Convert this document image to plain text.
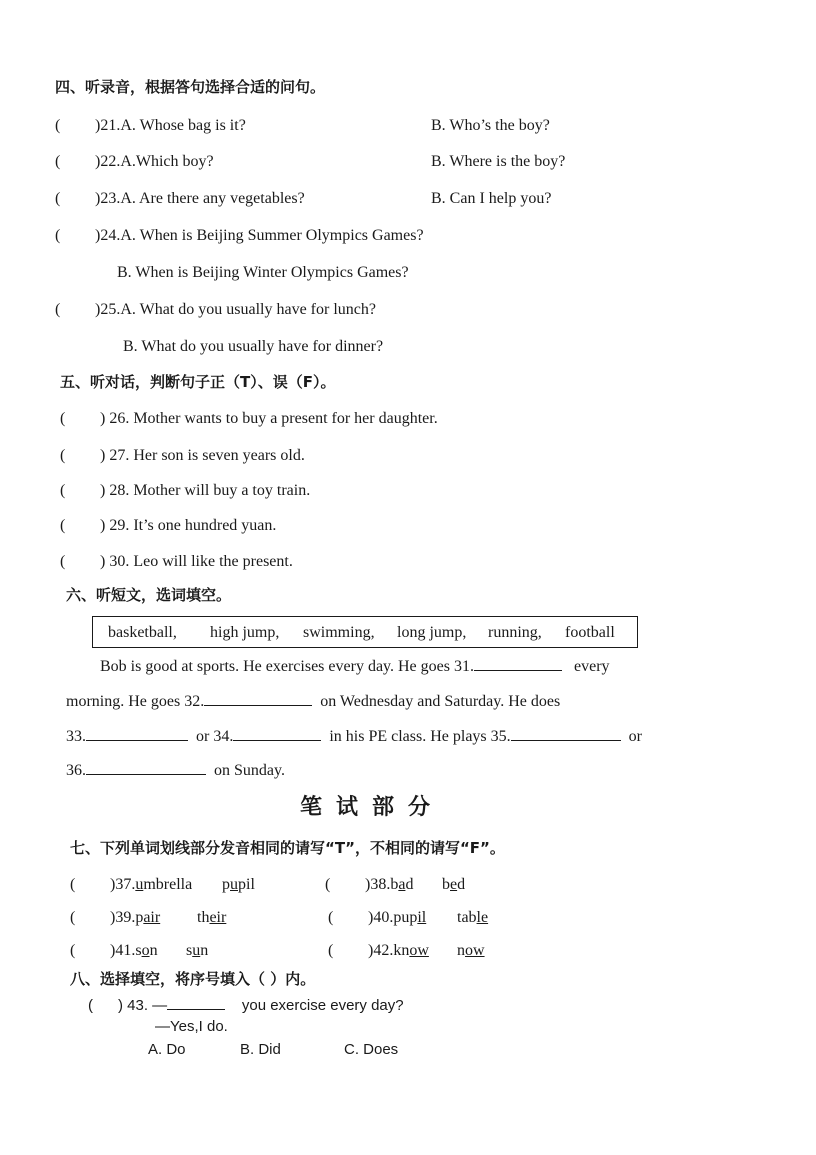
四、听录音，根据答句选择合适的问句。
( )21.A. Whose bag is it?	B. Who’s the boy?
( )22.A.Which boy?	B. Where is the boy?
( )23.A. Are there any vegetables?	B. Can I help you?
( )24.A. When is Beijing Summer Olympics Games?
B. When is Beijing Winter Olympics Games?
( )25.A. What do you usually have for lunch?
B. What do you usually have for dinner?
五、听对话，判断句子正（T）、误（F）。
( ) 26. Mother wants to buy a present for her daughter.
( ) 27. Her son is seven years old.
( ) 28. Mother will buy a toy train.
( ) 29. It’s one hundred yuan.
( ) 30. Leo will like the present.
六、听短文，选词填空。
basketball, high jump, swimming, long jump, running, football
Bob is good at sports. He exercises every day. He goes 31.	every
morning. He goes 32.	on Wednesday and Saturday. He does
33.	or 34.	in his PE class. He plays 35.	or
36.	on Sunday.
笔试部分
七、下列单词划线部分发音相同的请写“T”，不相同的请写“F”。
( )37.umbrella pupil	( )38.bad bed
( )39.pair their	( )40.pupil table
( )41.son sun	( )42.know now
八、选择填空，将序号填入（ ）内。
( ) 43. —	you exercise every day?
—Yes,I do.
A. Do	B. Did	C. Does
